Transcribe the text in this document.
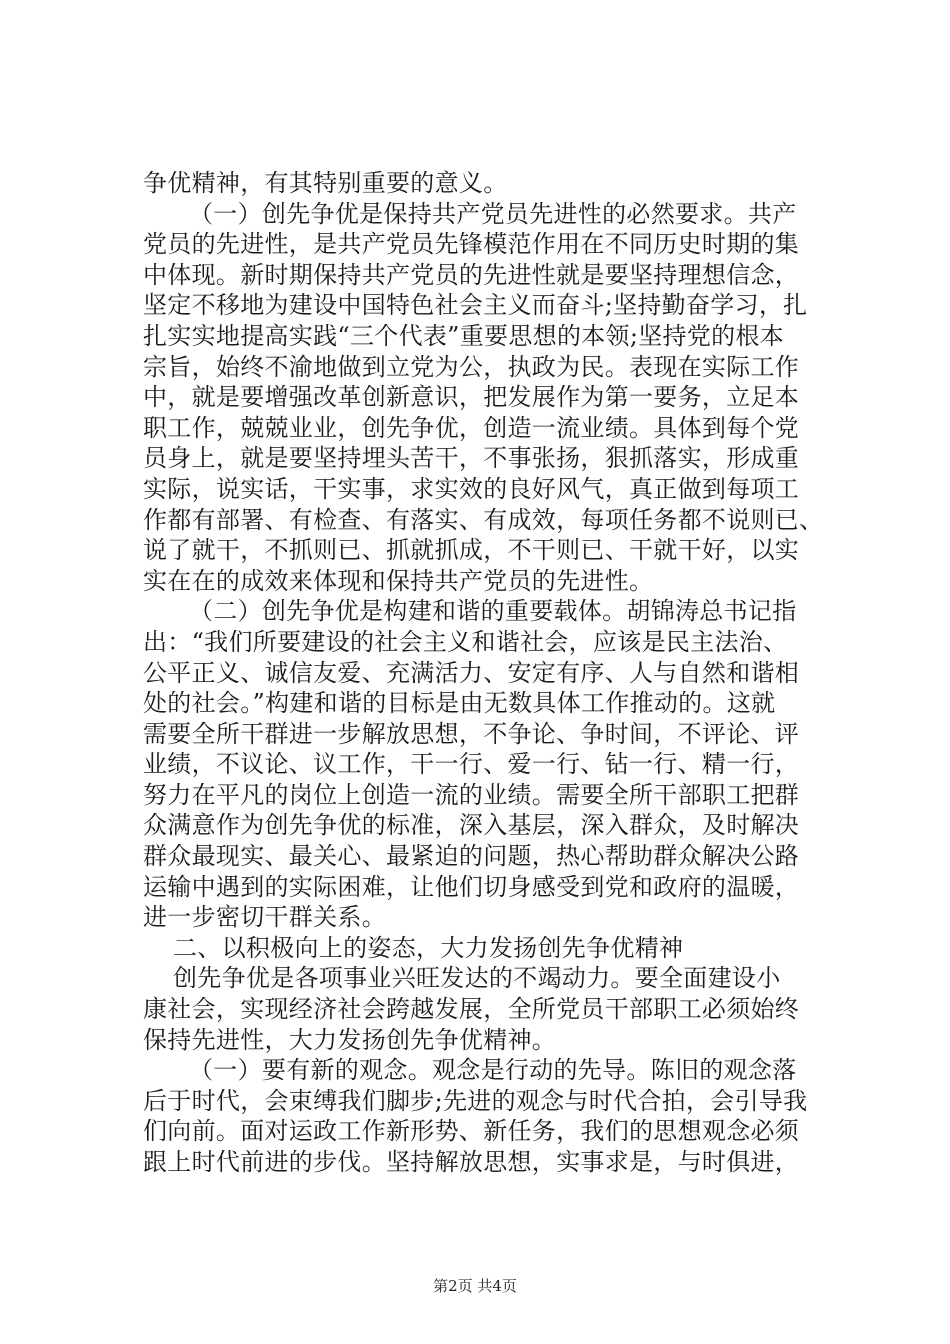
争优精神，有其特别重要的意义。
（一）创先争优是保持共产党员先进性的必然要求。共产
党员的先进性，是共产党员先锋模范作用在不同历史时期的集
中体现。新时期保持共产党员的先进性就是要坚持理想信念，
坚定不移地为建设中国特色社会主义而奋斗;坚持勤奋学习，扎
扎实实地提高实践“三个代表”重要思想的本领;坚持党的根本
宗旨，始终不渝地做到立党为公，执政为民。表现在实际工作
中，就是要增强改革创新意识，把发展作为第一要务，立足本
职工作，兢兢业业，创先争优，创造一流业绩。具体到每个党
员身上，就是要坚持埋头苦干，不事张扬，狠抓落实，形成重
实际，说实话，干实事，求实效的良好风气，真正做到每项工
作都有部署、有检查、有落实、有成效，每项任务都不说则已、
说了就干，不抓则已、抓就抓成，不干则已、干就干好，以实
实在在的成效来体现和保持共产党员的先进性。
（二）创先争优是构建和谐的重要载体。胡锦涛总书记指
出：“我们所要建设的社会主义和谐社会，应该是民主法治、
公平正义、诚信友爱、充满活力、安定有序、人与自然和谐相
处的社会。”构建和谐的目标是由无数具体工作推动的。这就
需要全所干群进一步解放思想，不争论、争时间，不评论、评
业绩，不议论、议工作，干一行、爱一行、钻一行、精一行，
努力在平凡的岗位上创造一流的业绩。需要全所干部职工把群
众满意作为创先争优的标准，深入基层，深入群众，及时解决
群众最现实、最关心、最紧迫的问题，热心帮助群众解决公路
运输中遇到的实际困难，让他们切身感受到党和政府的温暖，
进一步密切干群关系。
二、以积极向上的姿态，大力发扬创先争优精神
创先争优是各项事业兴旺发达的不竭动力。要全面建设小
康社会，实现经济社会跨越发展，全所党员干部职工必须始终
保持先进性，大力发扬创先争优精神。
（一）要有新的观念。观念是行动的先导。陈旧的观念落
后于时代，会束缚我们脚步;先进的观念与时代合拍，会引导我
们向前。面对运政工作新形势、新任务，我们的思想观念必须
跟上时代前进的步伐。坚持解放思想，实事求是，与时俱进，
第2页 共4页
